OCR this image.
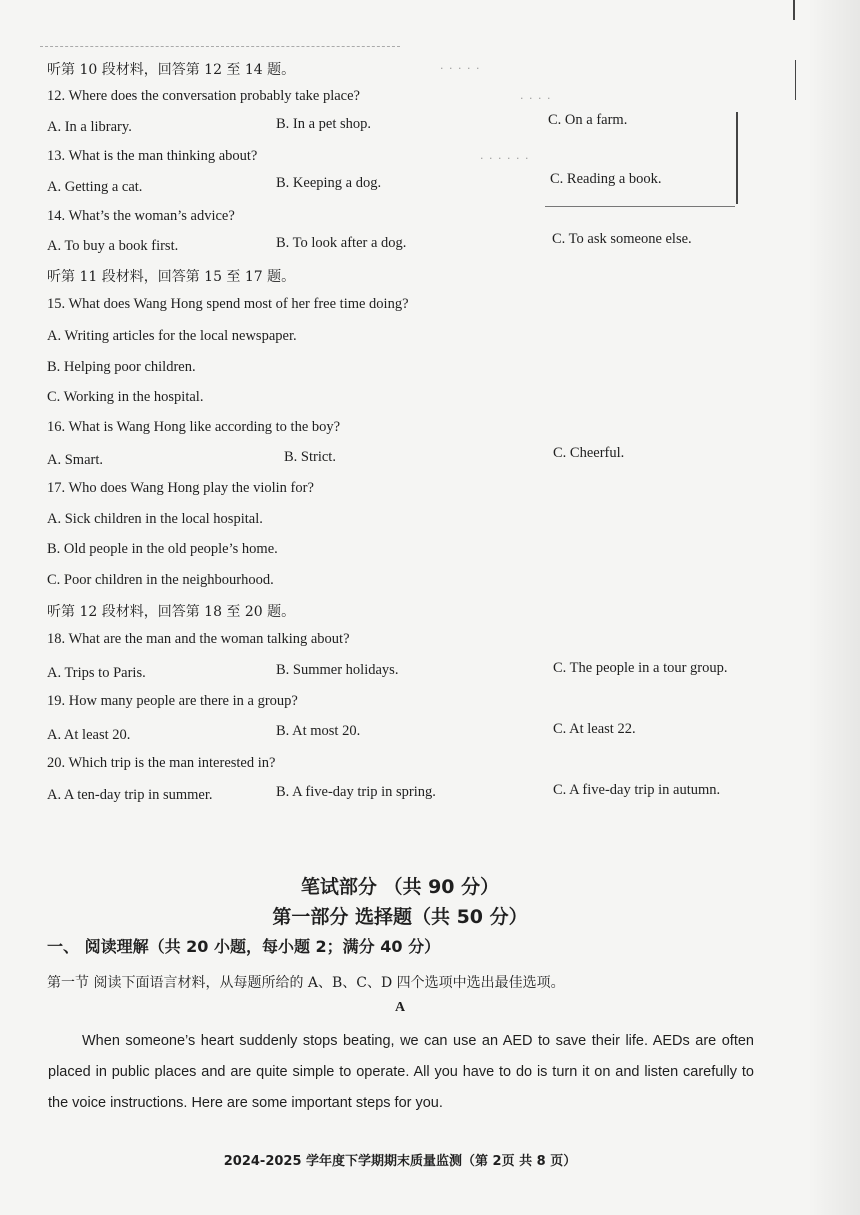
· · · · ·
· · · ·
· · · · · ·
听第 10 段材料，回答第 12 至 14 题。
12. Where does the conversation probably take place?
A. In a library.	B. In a pet shop.	C. On a farm.
13. What is the man thinking about?
A. Getting a cat.	B. Keeping a dog.	C. Reading a book.
14. What’s the woman’s advice?
A. To buy a book first.	B. To look after a dog.	C. To ask someone else.
听第 11 段材料，回答第 15 至 17 题。
15. What does Wang Hong spend most of her free time doing?
A. Writing articles for the local newspaper.
B. Helping poor children.
C. Working in the hospital.
16. What is Wang Hong like according to the boy?
A. Smart.	B. Strict.	C. Cheerful.
17. Who does Wang Hong play the violin for?
A. Sick children in the local hospital.
B. Old people in the old people’s home.
C. Poor children in the neighbourhood.
听第 12 段材料，回答第 18 至 20 题。
18. What are the man and the woman talking about?
A. Trips to Paris.	B. Summer holidays.	C. The people in a tour group.
19. How many people are there in a group?
A. At least 20.	B. At most 20.	C. At least 22.
20. Which trip is the man interested in?
A. A ten-day trip in summer.	B. A five-day trip in spring.	C. A five-day trip in autumn.
笔试部分 （共 90 分）
第一部分 选择题（共 50 分）
一、 阅读理解（共 20 小题，每小题 2；满分 40 分）
第一节 阅读下面语言材料，从每题所给的 A、B、C、D 四个选项中选出最佳选项。
A
When someone’s heart suddenly stops beating, we can use an AED to save their life. AEDs are often placed in public places and are quite simple to operate. All you have to do is turn it on and listen carefully to the voice instructions. Here are some important steps for you.
2024-2025 学年度下学期期末质量监测（第 2页 共 8 页）
